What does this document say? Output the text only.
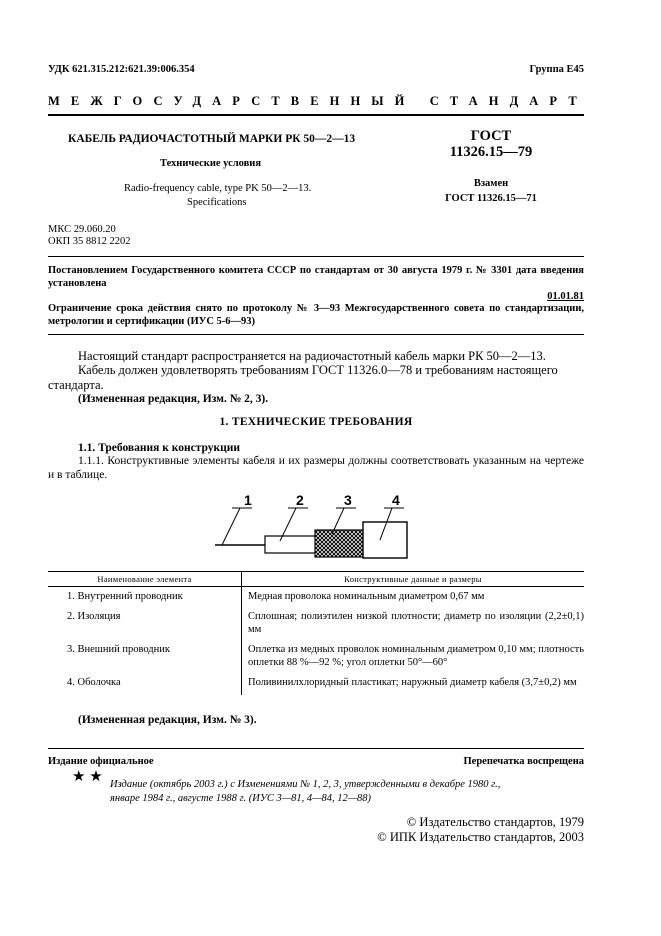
УДК 621.315.212:621.39:006.354	Группа Е45
МЕЖГОСУДАРСТВЕННЫЙ СТАНДАРТ
КАБЕЛЬ РАДИОЧАСТОТНЫЙ МАРКИ РК 50—2—13
Технические условия
Radio-frequency cable, type PK 50—2—13.
Specifications
ГОСТ
11326.15—79
Взамен
ГОСТ 11326.15—71
МКС 29.060.20
ОКП 35 8812 2202
Постановлением Государственного комитета СССР по стандартам от 30 августа 1979 г. № 3301 дата введения установлена
01.01.81
Ограничение срока действия снято по протоколу № 3—93 Межгосударственного совета по стандартизации, метрологии и сертификации (ИУС 5-6—93)
Настоящий стандарт распространяется на радиочастотный кабель марки РК 50—2—13.
Кабель должен удовлетворять требованиям ГОСТ 11326.0—78 и требованиям настоящего стандарта.
(Измененная редакция, Изм. № 2, 3).
1. ТЕХНИЧЕСКИЕ ТРЕБОВАНИЯ
1.1. Требования к конструкции
1.1.1. Конструктивные элементы кабеля и их размеры должны соответствовать указанным на чертеже и в таблице.
1	2	3	4
Наименование элемента	Конструктивные данные и размеры
1. Внутренний проводник	Медная проволока номинальным диаметром 0,67 мм
2. Изоляция	Сплошная; полиэтилен низкой плотности; диаметр по изоляции (2,2±0,1) мм
3. Внешний проводник	Оплетка из медных проволок номинальным диаметром 0,10 мм; плотность оплетки 88 %—92 %; угол оплетки 50°—60°
4. Оболочка	Поливинилхлоридный пластикат; наружный диаметр кабеля (3,7±0,2) мм
(Измененная редакция, Изм. № 3).
Издание официальное	Перепечатка воспрещена
★ ★ Издание (октябрь 2003 г.) с Изменениями № 1, 2, 3, утвержденными в декабре 1980 г., январе 1984 г., августе 1988 г. (ИУС 3—81, 4—84, 12—88)
© Издательство стандартов, 1979
© ИПК Издательство стандартов, 2003
